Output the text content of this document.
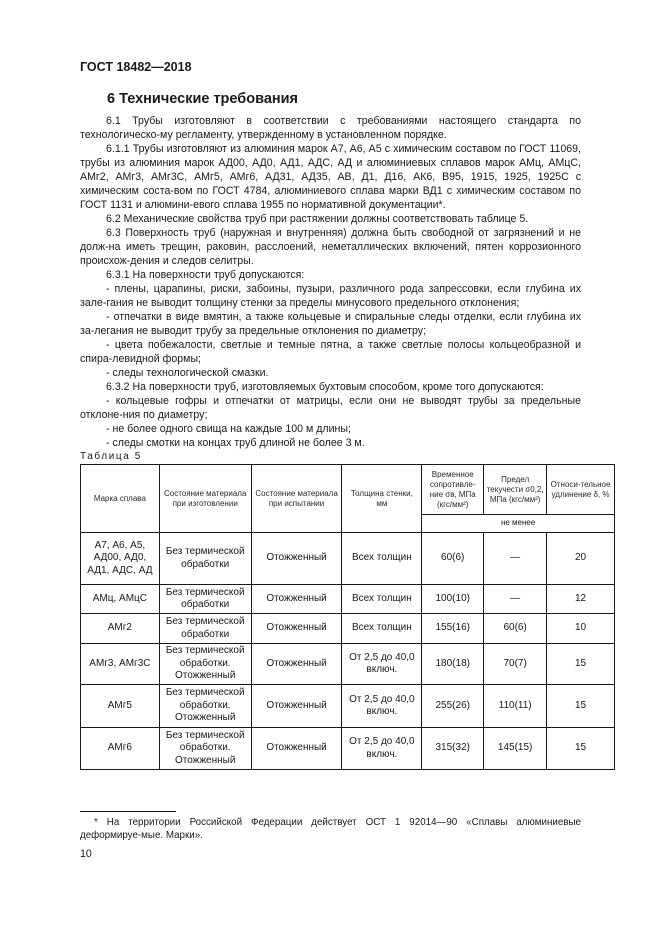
ГОСТ 18482—2018
6 Технические требования

6.1 Трубы изготовляют в соответствии с требованиями настоящего стандарта по технологическо-му регламенту, утвержденному в установленном порядке.

6.1.1 Трубы изготовляют из алюминия марок А7, А6, А5 с химическим составом по ГОСТ 11069, трубы из алюминия марок АД00, АД0, АД1, АДС, АД и алюминиевых сплавов марок АМц, АМцС, АМг2, АМг3, АМг3С, АМг5, АМг6, АД31, АД35, АВ, Д1, Д16, АК6, В95, 1915, 1925, 1925С с химическим соста-вом по ГОСТ 4784, алюминиевого сплава марки ВД1 с химическим составом по ГОСТ 1131 и алюмини-евого сплава 1955 по нормативной документации*.

6.2 Механические свойства труб при растяжении должны соответствовать таблице 5.

6.3 Поверхность труб (наружная и внутренняя) должна быть свободной от загрязнений и не долж-на иметь трещин, раковин, расслоений, неметаллических включений, пятен коррозионного происхож-дения и следов селитры.

6.3.1 На поверхности труб допускаются:

- плены, царапины, риски, забоины, пузыри, различного рода запрессовки, если глубина их зале-гания не выводит толщину стенки за пределы минусового предельного отклонения;

- отпечатки в виде вмятин, а также кольцевые и спиральные следы отделки, если глубина их за-легания не выводит трубу за предельные отклонения по диаметру;

- цвета побежалости, светлые и темные пятна, а также светлые полосы кольцеобразной и спира-левидной формы;

- следы технологической смазки.

6.3.2 На поверхности труб, изготовляемых бухтовым способом, кроме того допускаются:

- кольцевые гофры и отпечатки от матрицы, если они не выводят трубы за предельные отклоне-ния по диаметру;

- не более одного свища на каждые 100 м длины;

- следы смотки на концах труб длиной не более 3 м.

Таблица 5
Марка сплава	Состояние материала при изготовлении	Состояние материала при испытании	Толщина стенки, мм	Временное сопротивле-ние σв, МПа (кгс/мм²)	Предел текучести σ0,2, МПа (кгс/мм²)	Относи-тельное удлинение δ, %
				не менее		
А7, А6, А5, АД00, АД0, АД1, АДС, АД	Без термической обработки	Отожженный	Всех толщин	60(6)	—	20
АМц, АМцС	Без термической обработки	Отожженный	Всех толщин	100(10)	—	12
АМг2	Без термической обработки	Отожженный	Всех толщин	155(16)	60(6)	10
АМг3, АМг3С	Без термической обработки. Отожженный	Отожженный	От 2,5 до 40,0 включ.	180(18)	70(7)	15
АМг5	Без термической обработки. Отожженный	Отожженный	От 2,5 до 40,0 включ.	255(26)	110(11)	15
АМг6	Без термической обработки. Отожженный	Отожженный	От 2,5 до 40,0 включ.	315(32)	145(15)	15
* На территории Российской Федерации действует ОСТ 1 92014—90 «Сплавы алюминиевые деформируе-мые. Марки».
10
